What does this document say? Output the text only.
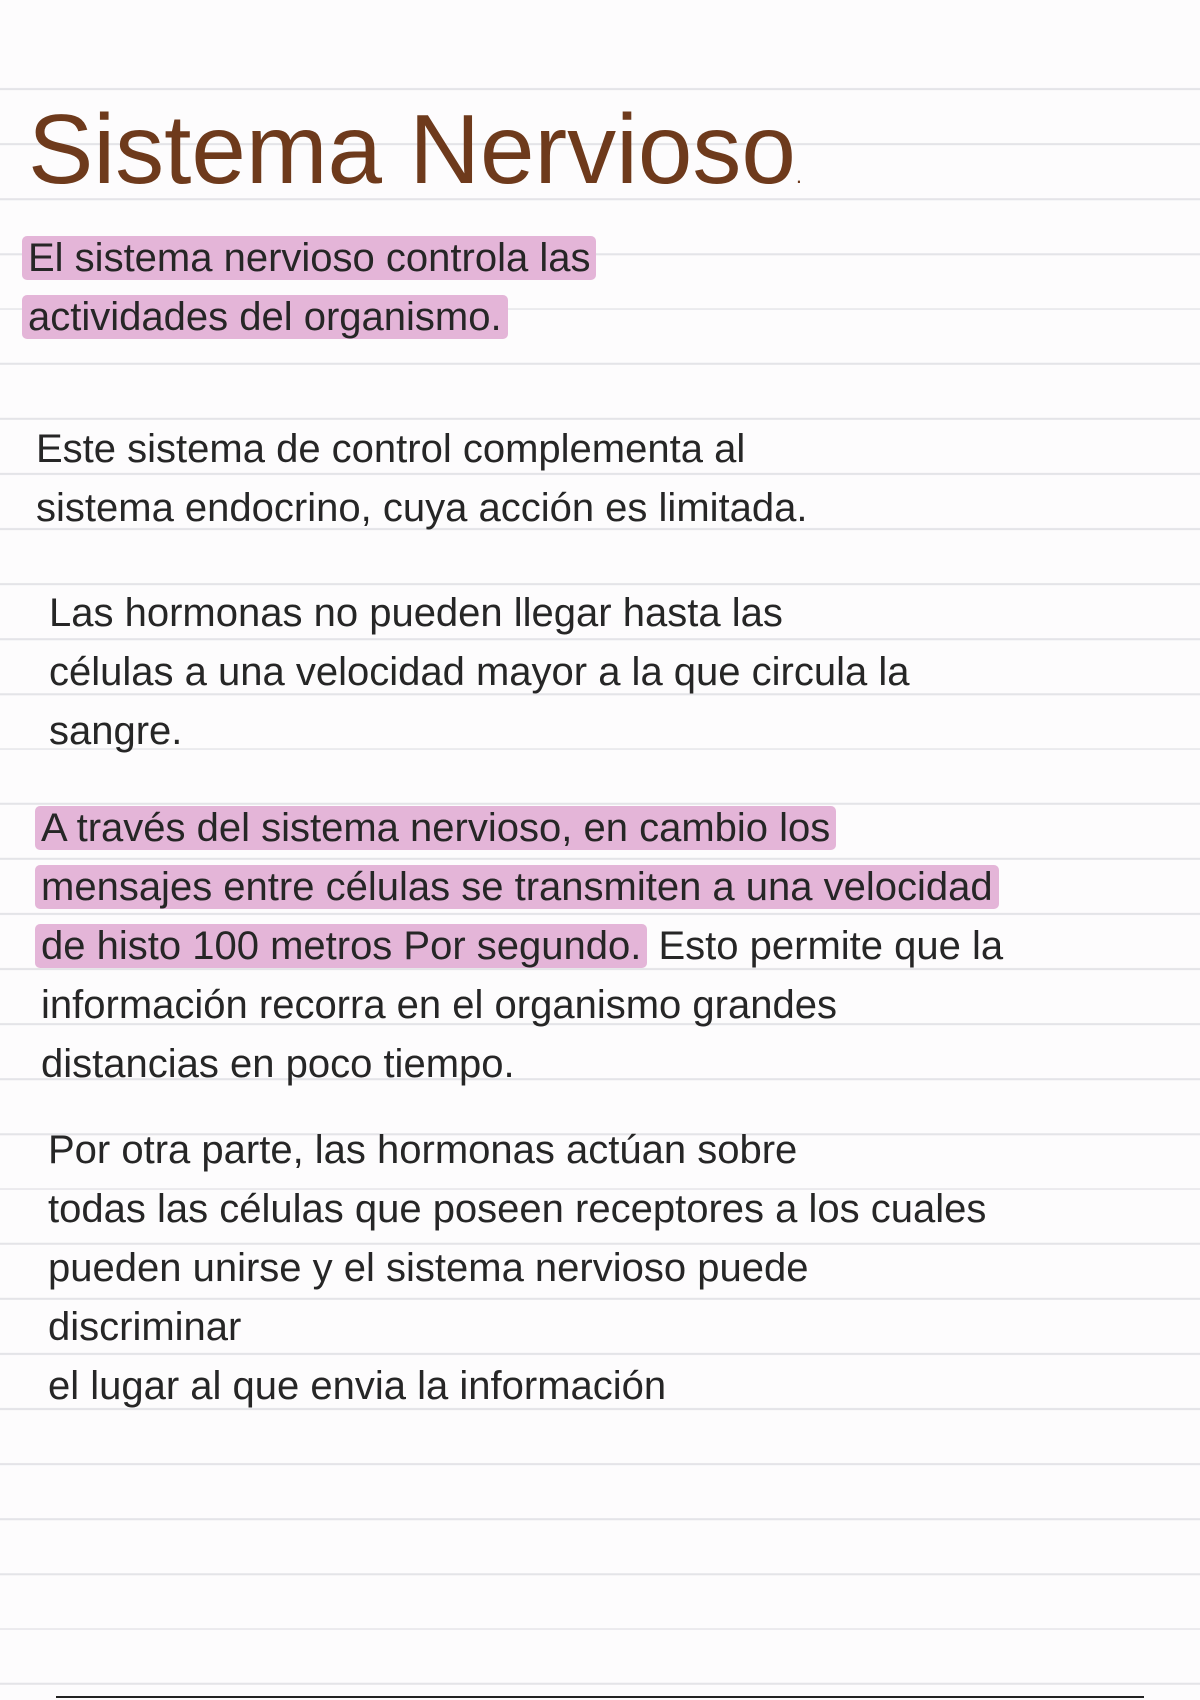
Sistema Nervioso.
El sistema nervioso controla las
actividades del organismo.
Este sistema de control complementa al
sistema endocrino, cuya acción es limitada.
Las hormonas no pueden llegar hasta las
células a una velocidad mayor a la que circula la
sangre.
A través del sistema nervioso, en cambio los
mensajes entre células se transmiten a una velocidad
de histo 100 metros Por segundo. Esto permite que la
información recorra en el organismo grandes
distancias en poco tiempo.
Por otra parte, las hormonas actúan sobre
todas las células que poseen receptores a los cuales
pueden unirse y el sistema nervioso puede
discriminar
el lugar al que envia la información
